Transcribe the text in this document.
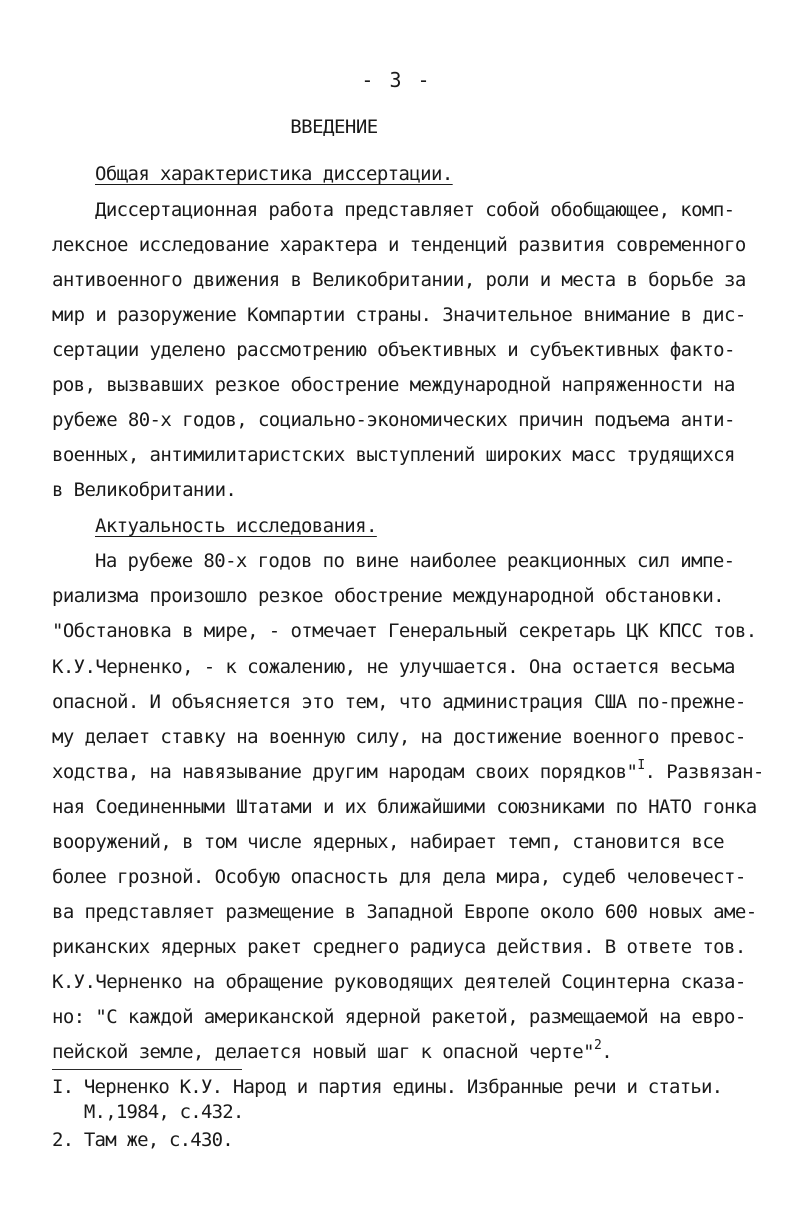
- 3 -
ВВЕДЕНИЕ
Общая характеристика диссертации.
Диссертационная работа представляет собой обобщающее, комп-
лексное исследование характера и тенденций развития современного
антивоенного движения в Великобритании, роли и места в борьбе за
мир и разоружение Компартии страны. Значительное внимание в дис-
сертации уделено рассмотрению объективных и субъективных факто-
ров, вызвавших резкое обострение международной напряженности на
рубеже 80-х годов, социально-экономических причин подъема анти-
военных, антимилитаристских выступлений широких масс трудящихся
в Великобритании.
Актуальность исследования.
На рубеже 80-х годов по вине наиболее реакционных сил импе-
риализма произошло резкое обострение международной обстановки.
"Обстановка в мире, - отмечает Генеральный секретарь ЦК КПСС тов.
К.У.Черненко, - к сожалению, не улучшается. Она остается весьма
опасной. И объясняется это тем, что администрация США по-прежне-
му делает ставку на военную силу, на достижение военного превос-
ходства, на навязывание другим народам своих порядков"$^I$. Развязан-
ная Соединенными Штатами и их ближайшими союзниками по НАТО гонка
вооружений, в том числе ядерных, набирает темп, становится все
более грозной. Особую опасность для дела мира, судеб человечест-
ва представляет размещение в Западной Европе около 600 новых аме-
риканских ядерных ракет среднего радиуса действия. В ответе тов.
К.У.Черненко на обращение руководящих деятелей Социнтерна сказа-
но: "С каждой американской ядерной ракетой, размещаемой на евро-
пейской земле, делается новый шаг к опасной черте"$^2$.
I. Черненко К.У. Народ и партия едины. Избранные речи и статьи.
М.,1984, с.432.
2. Там же, с.430.
